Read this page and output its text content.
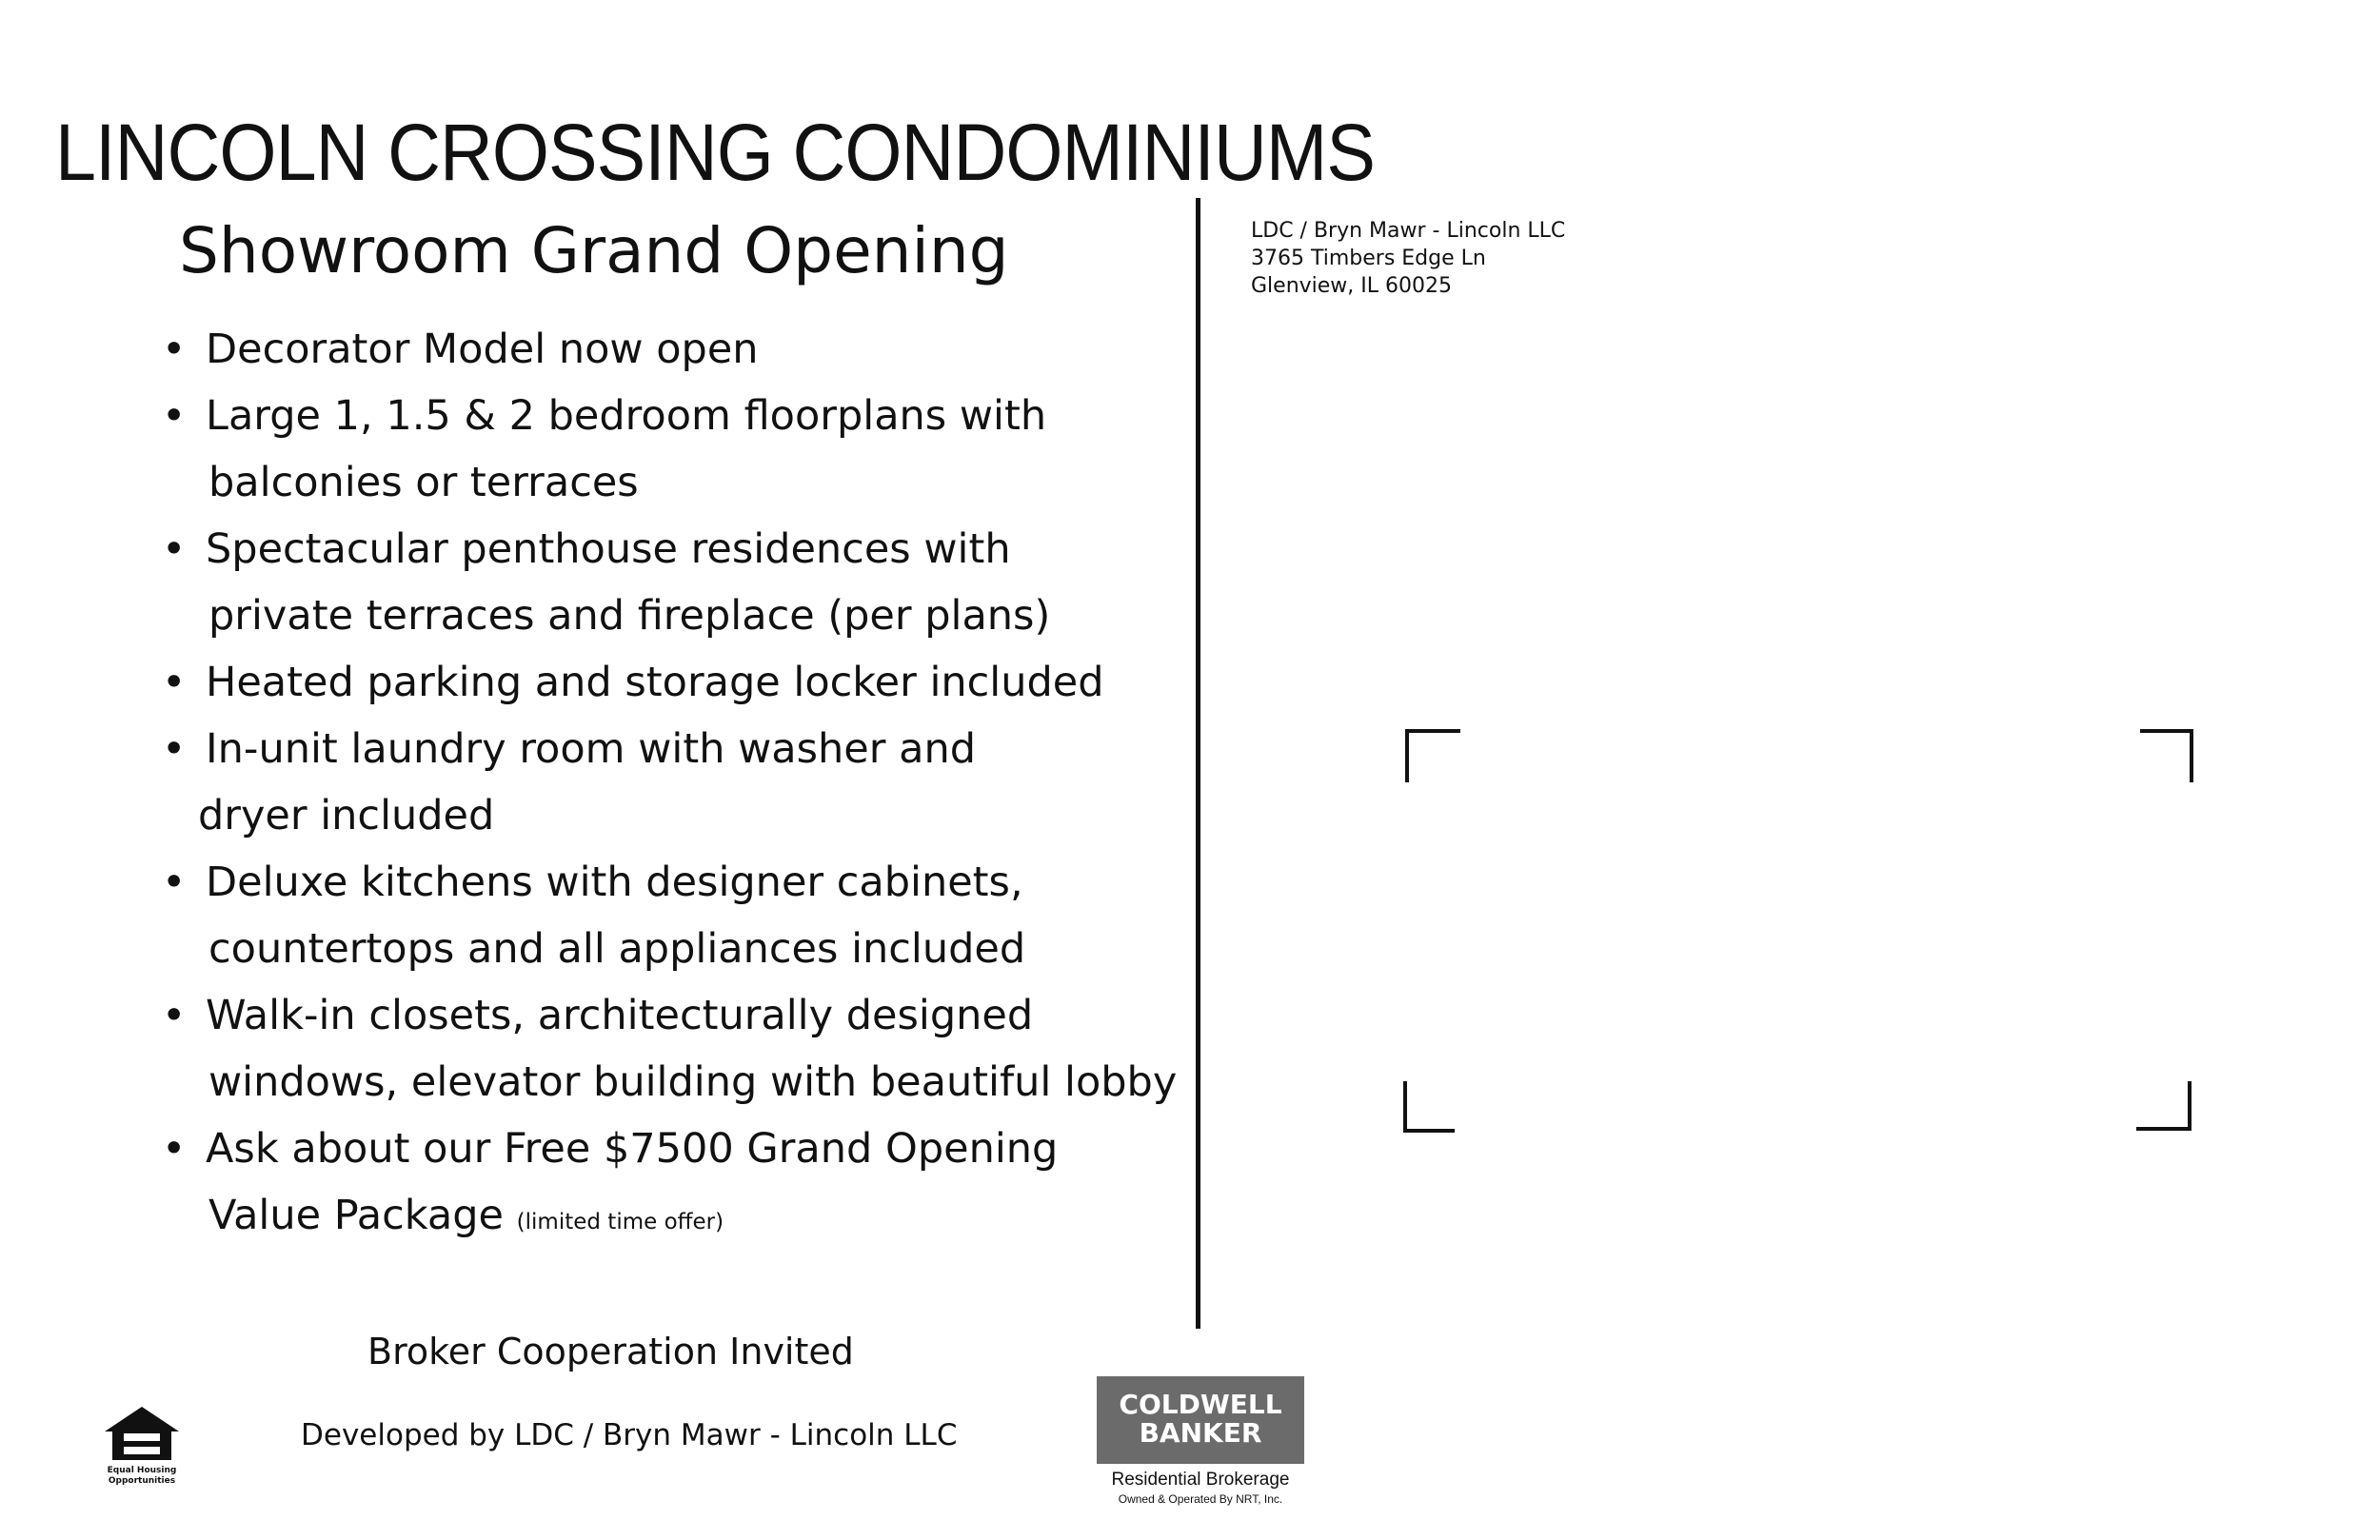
LINCOLN CROSSING CONDOMINIUMS
Showroom Grand Opening
• Decorator Model now open
• Large 1, 1.5 & 2 bedroom floorplans with
balconies or terraces
• Spectacular penthouse residences with
private terraces and fireplace (per plans)
• Heated parking and storage locker included
• In-unit laundry room with washer and
dryer included
• Deluxe kitchens with designer cabinets,
countertops and all appliances included
• Walk-in closets, architecturally designed
windows, elevator building with beautiful lobby
• Ask about our Free $7500 Grand Opening
Value Package (limited time offer)
LDC / Bryn Mawr - Lincoln LLC
3765 Timbers Edge Ln
Glenview, IL 60025
Broker Cooperation Invited
Developed by LDC / Bryn Mawr - Lincoln LLC
Equal Housing Opportunities
COLDWELL
BANKER
Residential Brokerage
Owned & Operated By NRT, Inc.
